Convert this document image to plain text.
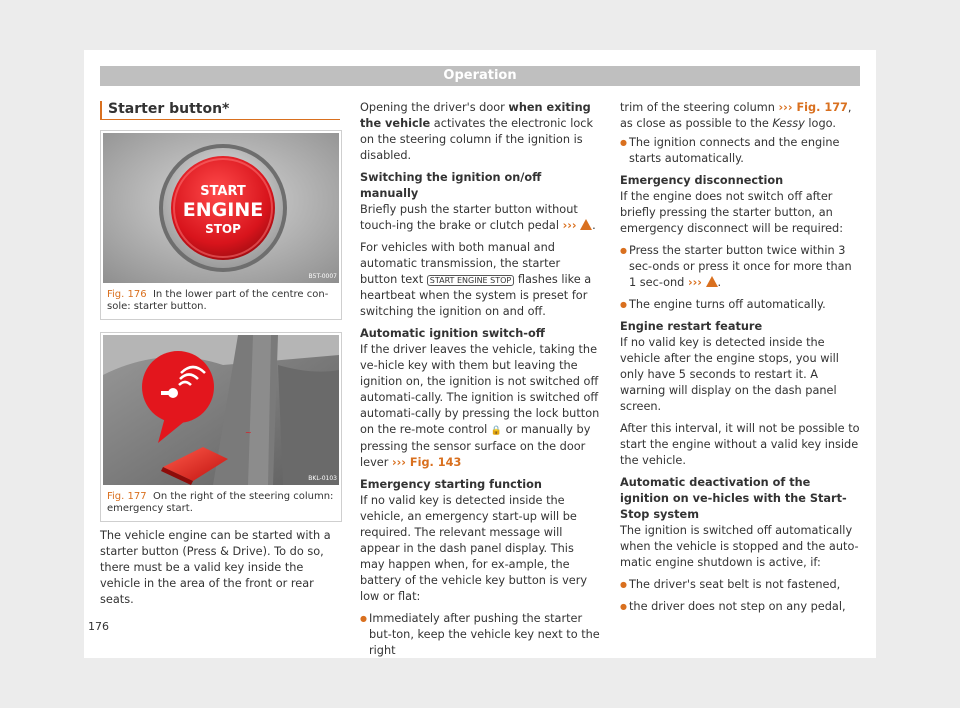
Operation
Starter button*
START
ENGINE
STOP
B5T-0007
Fig. 176 In the lower part of the centre con-sole: starter button.
~
BKL-0103
Fig. 177 On the right of the steering column: emergency start.

The vehicle engine can be started with a starter button (Press & Drive). To do so, there must be a valid key inside the vehicle in the area of the front or rear seats.

Opening the driver's door when exiting the vehicle activates the electronic lock on the steering column if the ignition is disabled.

Switching the ignition on/off manually

Briefly push the starter button without touch-ing the brake or clutch pedal ››› .

For vehicles with both manual and automatic transmission, the starter button text START ENGINE STOP flashes like a heartbeat when the system is preset for switching the ignition on and off.

Automatic ignition switch-off

If the driver leaves the vehicle, taking the ve-hicle key with them but leaving the ignition on, the ignition is not switched off automati-cally. The ignition is switched off automati-cally by pressing the lock button on the re-mote control 🔒 or manually by pressing the sensor surface on the door lever ››› Fig. 143

Emergency starting function

If no valid key is detected inside the vehicle, an emergency start-up will be required. The relevant message will appear in the dash panel display. This may happen when, for ex-ample, the battery of the vehicle key button is very low or flat:

● Immediately after pushing the starter but-ton, keep the vehicle key next to the right

trim of the steering column ››› Fig. 177, as close as possible to the Kessy logo.

● The ignition connects and the engine starts automatically.

Emergency disconnection

If the engine does not switch off after briefly pressing the starter button, an emergency disconnect will be required:

● Press the starter button twice within 3 sec-onds or press it once for more than 1 sec-ond ››› .

● The engine turns off automatically.

Engine restart feature

If no valid key is detected inside the vehicle after the engine stops, you will only have 5 seconds to restart it. A warning will display on the dash panel screen.

After this interval, it will not be possible to start the engine without a valid key inside the vehicle.

Automatic deactivation of the ignition on ve-hicles with the Start-Stop system

The ignition is switched off automatically when the vehicle is stopped and the auto-matic engine shutdown is active, if:

● The driver's seat belt is not fastened,

● the driver does not step on any pedal,

176
